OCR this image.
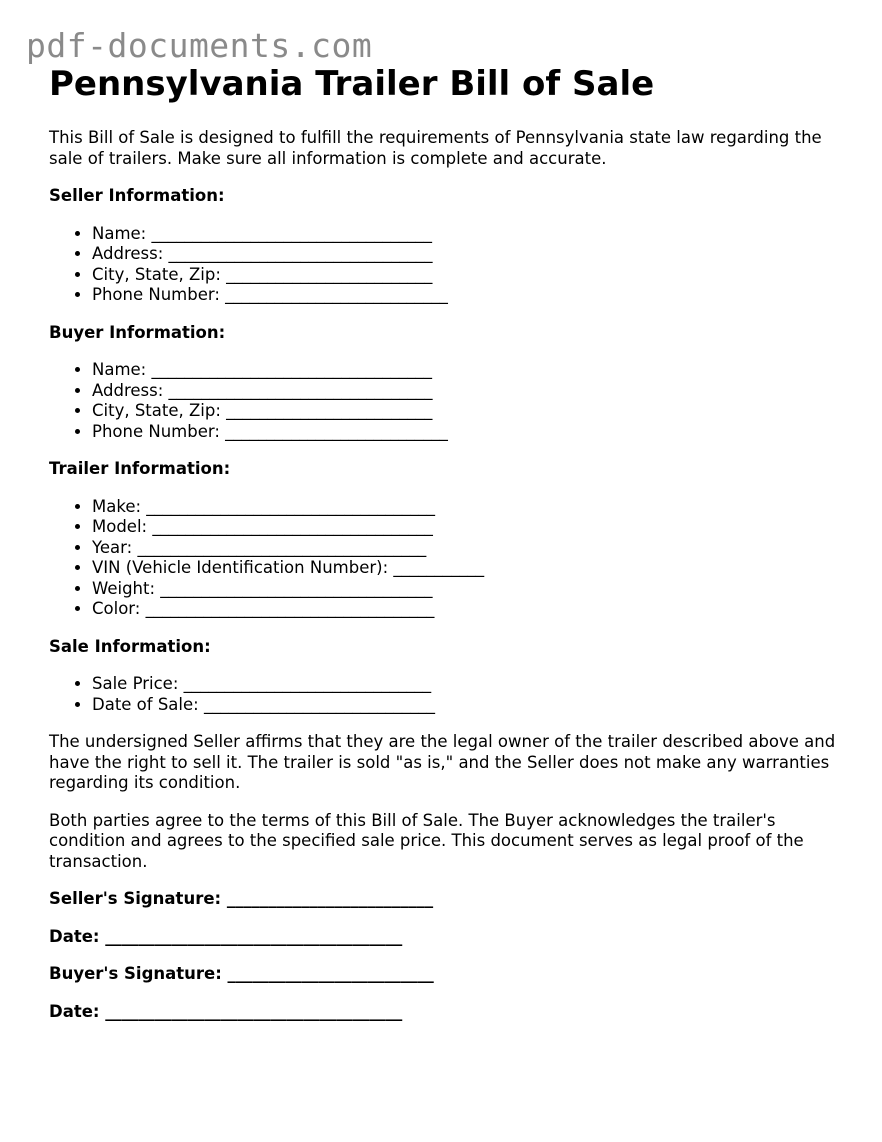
pdf-documents.com
Pennsylvania Trailer Bill of Sale

This Bill of Sale is designed to fulfill the requirements of Pennsylvania state law regarding the sale of trailers. Make sure all information is complete and accurate.

Seller Information:
• Name: __________________________________
• Address: ________________________________
• City, State, Zip: _________________________
• Phone Number: ___________________________
Buyer Information:
• Name: __________________________________
• Address: ________________________________
• City, State, Zip: _________________________
• Phone Number: ___________________________
Trailer Information:
• Make: ___________________________________
• Model: __________________________________
• Year: ___________________________________
• VIN (Vehicle Identification Number): ___________
• Weight: _________________________________
• Color: ___________________________________
Sale Information:
• Sale Price: ______________________________
• Date of Sale: ____________________________

The undersigned Seller affirms that they are the legal owner of the trailer described above and have the right to sell it. The trailer is sold "as is," and the Seller does not make any warranties regarding its condition.

Both parties agree to the terms of this Bill of Sale. The Buyer acknowledges the trailer's condition and agrees to the specified sale price. This document serves as legal proof of the transaction.

Seller's Signature: _________________________
Date: ____________________________________
Buyer's Signature: _________________________
Date: ____________________________________
